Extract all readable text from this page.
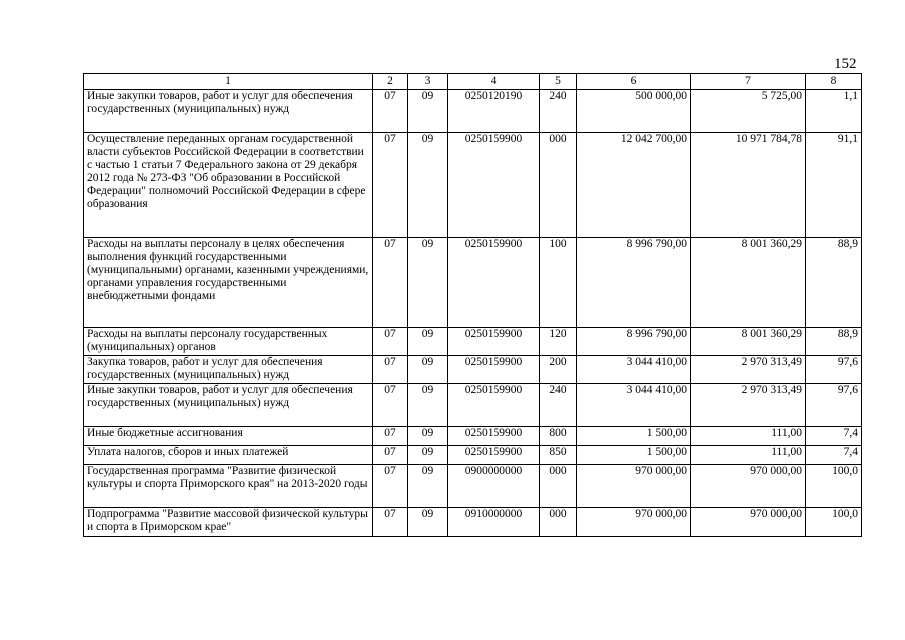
152
1	2	3	4	5	6	7	8
Иные закупки товаров, работ и услуг для обеспечения государственных (муниципальных) нужд	07	09	0250120190	240	500 000,00	5 725,00	1,1
Осуществление переданных органам государственной власти субъектов Российской Федерации в соответствии с частью 1 статьи 7 Федерального закона от 29 декабря 2012 года № 273-ФЗ "Об образовании в Российской Федерации" полномочий Российской Федерации в сфере образования	07	09	0250159900	000	12 042 700,00	10 971 784,78	91,1
Расходы на выплаты персоналу в целях обеспечения выполнения функций государственными (муниципальными) органами, казенными учреждениями, органами управления государственными внебюджетными фондами	07	09	0250159900	100	8 996 790,00	8 001 360,29	88,9
Расходы на выплаты персоналу государственных (муниципальных) органов	07	09	0250159900	120	8 996 790,00	8 001 360,29	88,9
Закупка товаров, работ и услуг для обеспечения государственных (муниципальных) нужд	07	09	0250159900	200	3 044 410,00	2 970 313,49	97,6
Иные закупки товаров, работ и услуг для обеспечения государственных (муниципальных) нужд	07	09	0250159900	240	3 044 410,00	2 970 313,49	97,6
Иные бюджетные ассигнования	07	09	0250159900	800	1 500,00	111,00	7,4
Уплата налогов, сборов и иных платежей	07	09	0250159900	850	1 500,00	111,00	7,4
Государственная программа "Развитие физической культуры и спорта Приморского края" на 2013-2020 годы	07	09	0900000000	000	970 000,00	970 000,00	100,0
Подпрограмма "Развитие массовой физической культуры и спорта в Приморском крае"	07	09	0910000000	000	970 000,00	970 000,00	100,0
